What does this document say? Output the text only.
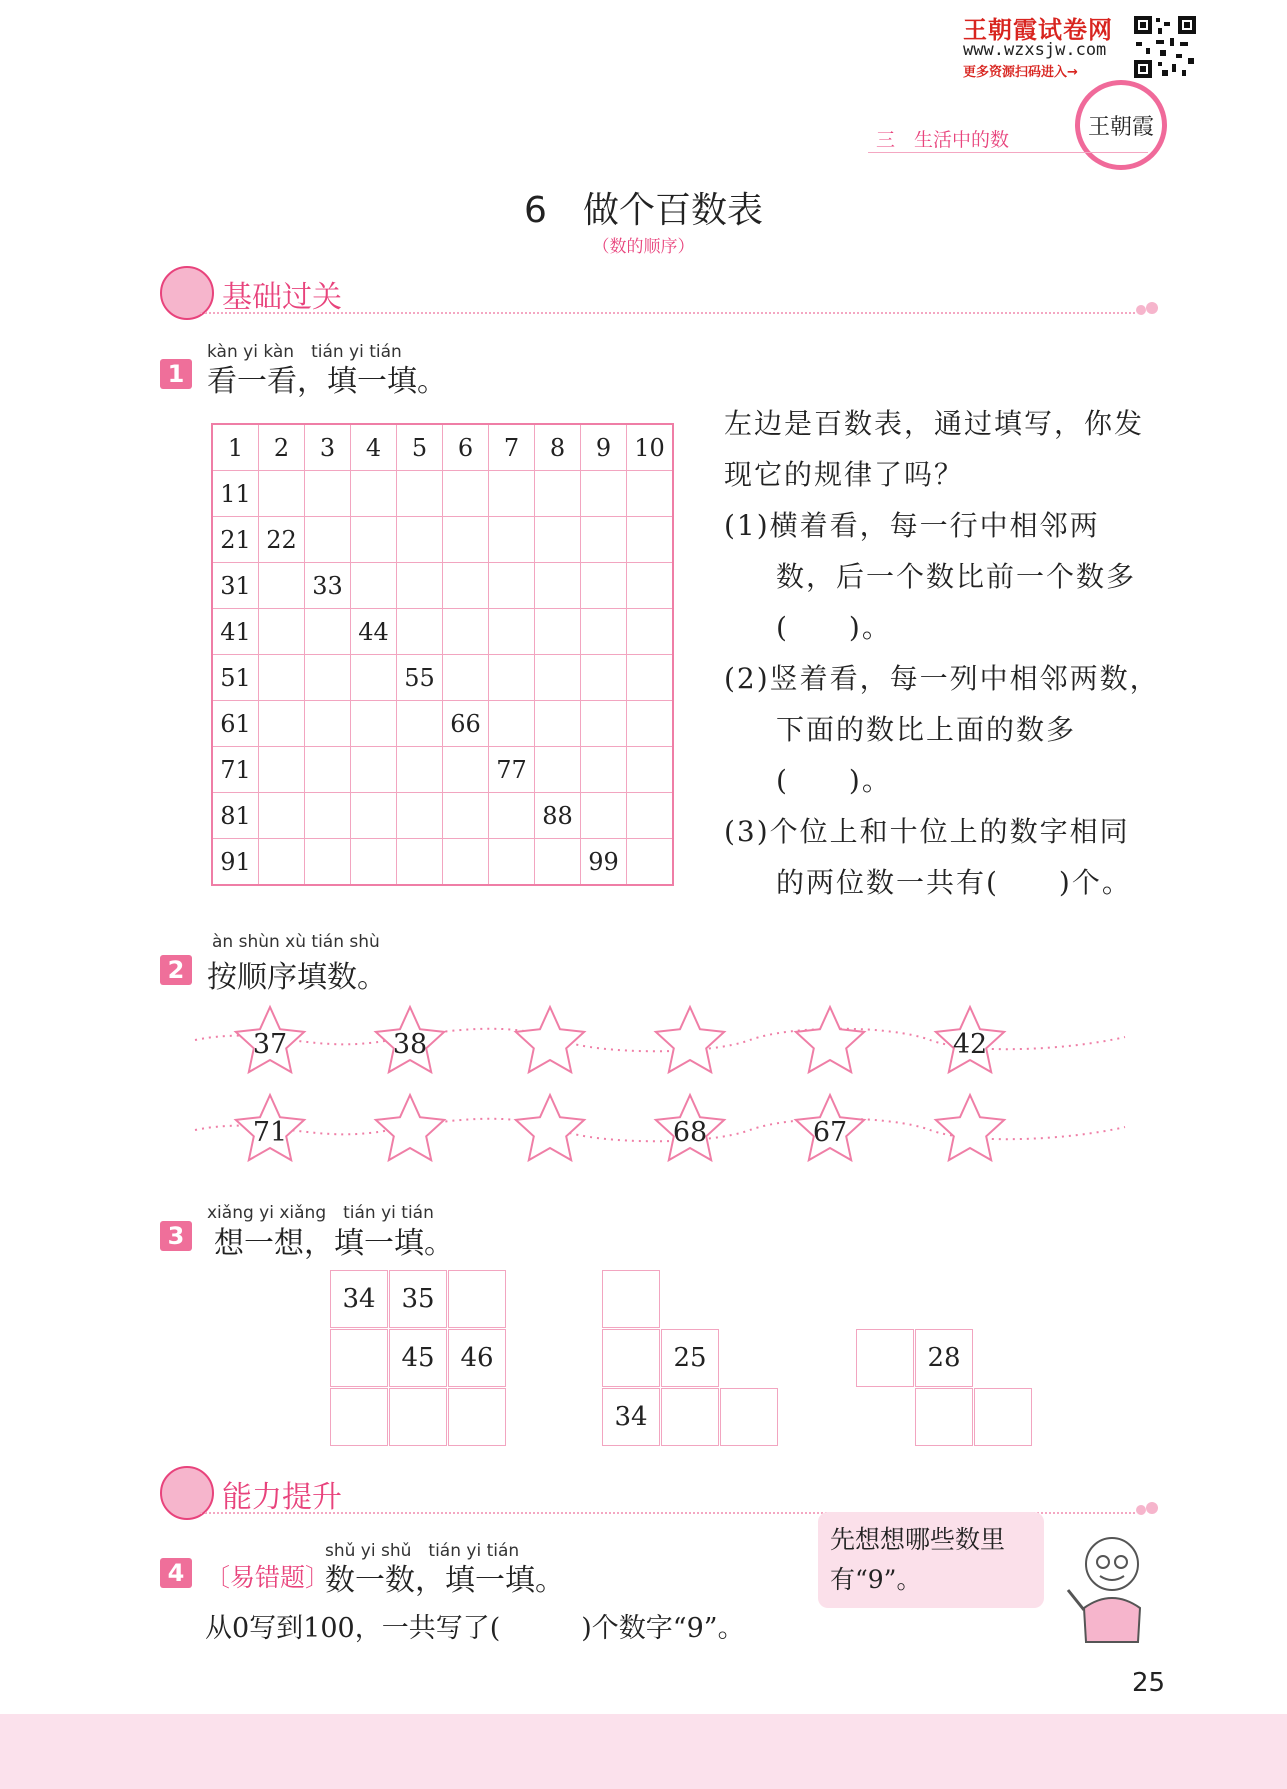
王朝霞试卷网
www.wzxsjw.com
更多资源扫码进入→
王朝霞
三　生活中的数
6　做个百数表
（数的顺序）
基础过关
kàn yi kàn　tián yi tián
1 看一看，填一填。
1	2	3	4	5	6	7	8	9	10
11									
21	22								
31		33							
41			44						
51				55					
61					66				
71						77			
81							88		
91								99	
左边是百数表，通过填写，你发
现它的规律了吗？
(1)横着看，每一行中相邻两
数，后一个数比前一个数多
(　　)。
(2)竖着看，每一列中相邻两数，
下面的数比上面的数多
(　　)。
(3)个位上和十位上的数字相同
的两位数一共有(　　)个。
àn shùn xù tián shù
2 按顺序填数。
37	38	42
71	68	67
xiǎng yi xiǎng　tián yi tián
3 想一想，填一填。
34 35
45 46	25
34
28
能力提升
shǔ yi shǔ　tián yi tián
4 〔易错题〕
数一数，填一填。
从0写到100，一共写了(　　　)个数字“9”。
先想想哪些数里
有“9”。
25
